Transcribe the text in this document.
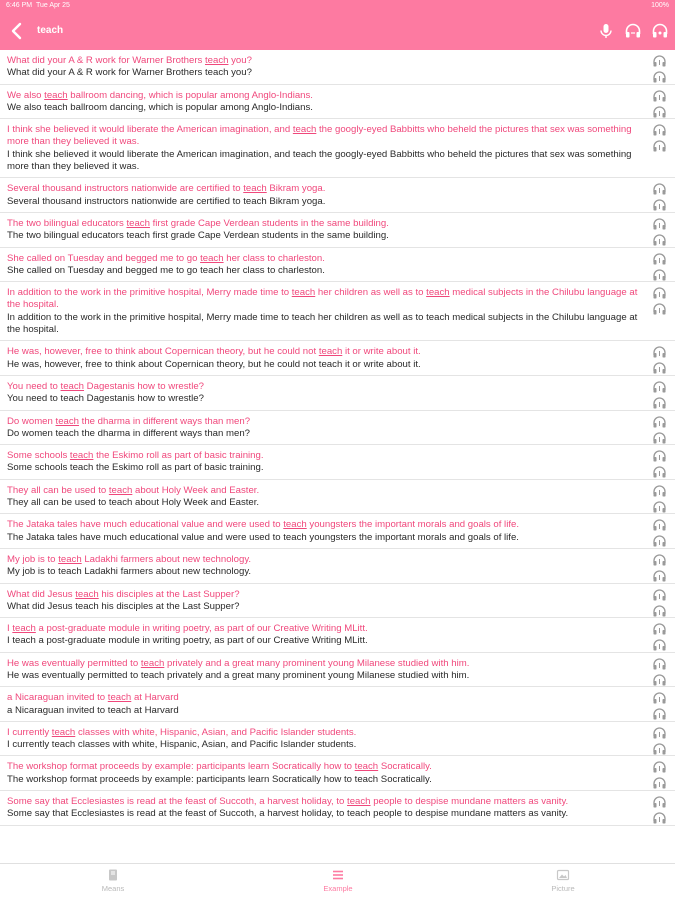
6:46 PM Tue Apr 25	100%
teach
What did your A & R work for Warner Brothers teach you?
What did your A & R work for Warner Brothers teach you?
We also teach ballroom dancing, which is popular among Anglo-Indians.
We also teach ballroom dancing, which is popular among Anglo-Indians.
I think she believed it would liberate the American imagination, and teach the googly-eyed Babbitts who beheld the pictures that sex was something more than they believed it was.
I think she believed it would liberate the American imagination, and teach the googly-eyed Babbitts who beheld the pictures that sex was something more than they believed it was.
Several thousand instructors nationwide are certified to teach Bikram yoga.
Several thousand instructors nationwide are certified to teach Bikram yoga.
The two bilingual educators teach first grade Cape Verdean students in the same building.
The two bilingual educators teach first grade Cape Verdean students in the same building.
She called on Tuesday and begged me to go teach her class to charleston.
She called on Tuesday and begged me to go teach her class to charleston.
In addition to the work in the primitive hospital, Merry made time to teach her children as well as to teach medical subjects in the Chilubu language at the hospital.
In addition to the work in the primitive hospital, Merry made time to teach her children as well as to teach medical subjects in the Chilubu language at the hospital.
He was, however, free to think about Copernican theory, but he could not teach it or write about it.
He was, however, free to think about Copernican theory, but he could not teach it or write about it.
You need to teach Dagestanis how to wrestle?
You need to teach Dagestanis how to wrestle?
Do women teach the dharma in different ways than men?
Do women teach the dharma in different ways than men?
Some schools teach the Eskimo roll as part of basic training.
Some schools teach the Eskimo roll as part of basic training.
They all can be used to teach about Holy Week and Easter.
They all can be used to teach about Holy Week and Easter.
The Jataka tales have much educational value and were used to teach youngsters the important morals and goals of life.
The Jataka tales have much educational value and were used to teach youngsters the important morals and goals of life.
My job is to teach Ladakhi farmers about new technology.
My job is to teach Ladakhi farmers about new technology.
What did Jesus teach his disciples at the Last Supper?
What did Jesus teach his disciples at the Last Supper?
I teach a post-graduate module in writing poetry, as part of our Creative Writing MLitt.
I teach a post-graduate module in writing poetry, as part of our Creative Writing MLitt.
He was eventually permitted to teach privately and a great many prominent young Milanese studied with him.
He was eventually permitted to teach privately and a great many prominent young Milanese studied with him.
a Nicaraguan invited to teach at Harvard
a Nicaraguan invited to teach at Harvard
I currently teach classes with white, Hispanic, Asian, and Pacific Islander students.
I currently teach classes with white, Hispanic, Asian, and Pacific Islander students.
The workshop format proceeds by example: participants learn Socratically how to teach Socratically.
The workshop format proceeds by example: participants learn Socratically how to teach Socratically.
Some say that Ecclesiastes is read at the feast of Succoth, a harvest holiday, to teach people to despise mundane matters as vanity.
Some say that Ecclesiastes is read at the feast of Succoth, a harvest holiday, to teach people to despise mundane matters as vanity.
Means	Example	Picture
